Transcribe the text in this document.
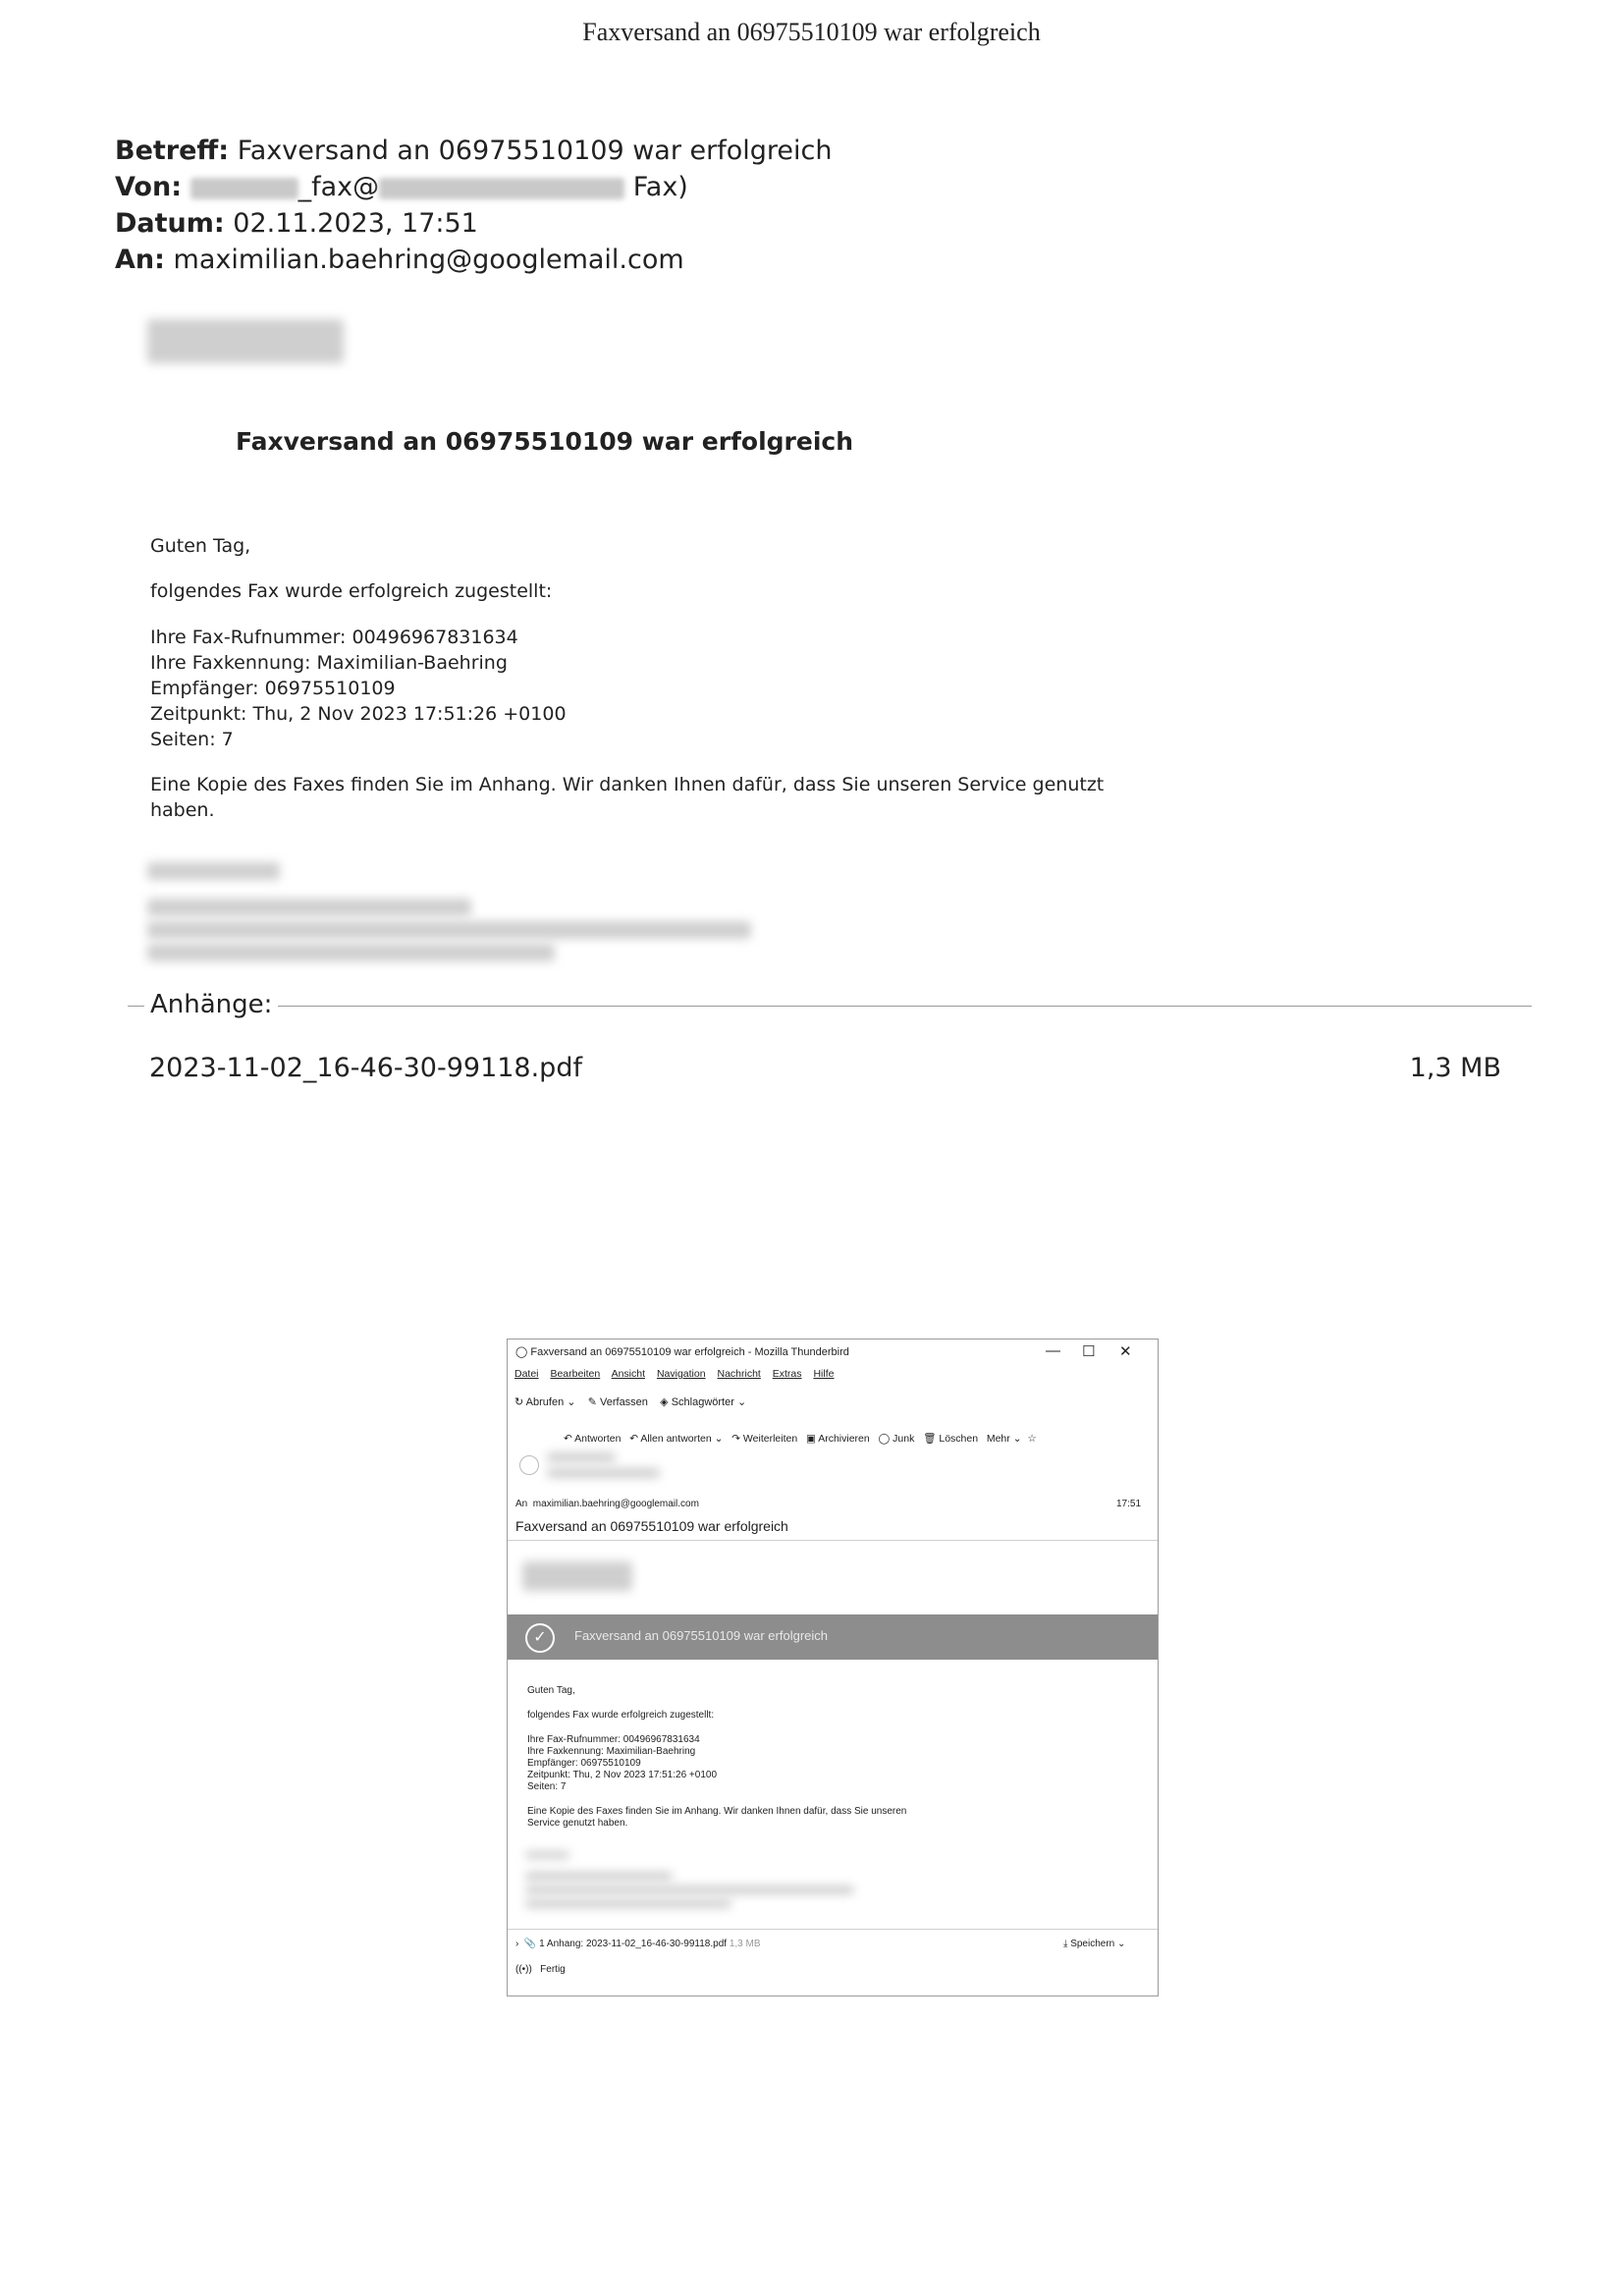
Faxversand an 06975510109 war erfolgreich
Betreff: Faxversand an 06975510109 war erfolgreich
Von:	_fax@	Fax)
Datum: 02.11.2023, 17:51
An: maximilian.baehring@googlemail.com
Faxversand an 06975510109 war erfolgreich
Guten Tag,
folgendes Fax wurde erfolgreich zugestellt:
Ihre Fax-Rufnummer: 00496967831634
Ihre Faxkennung: Maximilian-Baehring
Empfänger: 06975510109
Zeitpunkt: Thu, 2 Nov 2023 17:51:26 +0100
Seiten: 7
Eine Kopie des Faxes finden Sie im Anhang. Wir danken Ihnen dafür, dass Sie unseren Service genutzt
haben.
Anhänge:
2023-11-02_16-46-30-99118.pdf	1,3 MB
◯ Faxversand an 06975510109 war erfolgreich - Mozilla Thunderbird	— ☐ ✕
Datei Bearbeiten Ansicht Navigation Nachricht Extras Hilfe
↻ Abrufen ⌄ ✎ Verfassen ◈ Schlagwörter ⌄
↶ Antworten ↶ Allen antworten ⌄ ↷ Weiterleiten ▣ Archivieren ◯ Junk 🗑 Löschen Mehr ⌄ ☆
An maximilian.baehring@googlemail.com	17:51
Faxversand an 06975510109 war erfolgreich
✓	Faxversand an 06975510109 war erfolgreich
Guten Tag,
folgendes Fax wurde erfolgreich zugestellt:
Ihre Fax-Rufnummer: 00496967831634
Ihre Faxkennung: Maximilian-Baehring
Empfänger: 06975510109
Zeitpunkt: Thu, 2 Nov 2023 17:51:26 +0100
Seiten: 7
Eine Kopie des Faxes finden Sie im Anhang. Wir danken Ihnen dafür, dass Sie unseren
Service genutzt haben.
› 📎 1 Anhang: 2023-11-02_16-46-30-99118.pdf 1,3 MB	⤓ Speichern ⌄
((•)) Fertig
